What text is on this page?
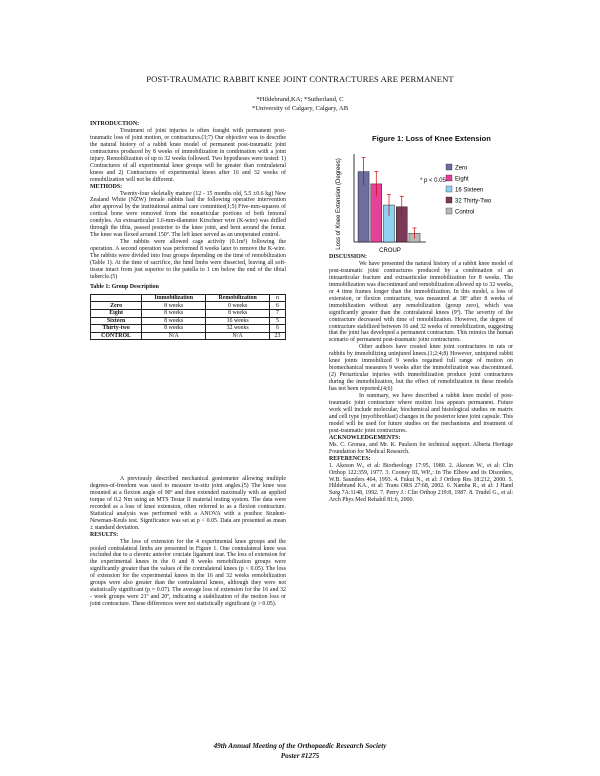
POST-TRAUMATIC RABBIT KNEE JOINT CONTRACTURES ARE PERMANENT
*Hildebrand,KA; *Sutherland, C
*University of Calgary, Calgary, AB

INTRODUCTION:

Treatment of joint injuries is often fraught with permanent post-traumatic loss of joint motion, or contractures.(3;7) Our objective was to describe the natural history of a rabbit knee model of permanent post-traumatic joint contractures produced by 8 weeks of immobilization in combination with a joint injury. Remobilization of up to 32 weeks followed. Two hypotheses were tested: 1) Contractures of all experimental knee groups will be greater than contralateral knees and 2) Contractures of experimental knees after 16 and 32 weeks of remobilization will not be different.

METHODS:

Twenty-four skeletally mature (12 - 15 months old, 5.5 ±0.6 kg) New Zealand White (NZW) female rabbits had the following operative intervention after approval by the institutional animal care committee(1;5) Five-mm-squares of cortical bone were removed from the nonarticular portions of both femoral condyles. An extraarticular 1.6-mm-diameter Kirschner wire (K-wire) was drilled through the tibia, passed posterior to the knee joint, and bent around the femur. The knee was flexed around 150º. The left knee served as an unoperated control.

The rabbits were allowed cage activity (0.1m³) following the operation. A second operation was performed 8 weeks later to remove the K-wire. The rabbits were divided into four groups depending on the time of remobilization (Table 1). At the time of sacrifice, the hind limbs were dissected, leaving all soft-tissue intact from just superior to the patella to 1 cm below the end of the tibial tubercle.(5)

Table 1: Group Description

	Immobilization	Remobilization	n
Zero	8 weeks	0 weeks	6
Eight	8 weeks	8 weeks	7
Sixteen	8 weeks	16 weeks	5
Thirty-two	8 weeks	32 weeks	6
CONTROL	N/A	N/A	23

A previously described mechanical goniometer allowing multiple degrees-of-freedom was used to measure in-situ joint angles.(5) The knee was mounted at a flexion angle of 90º and then extended maximally with an applied torque of 0.2 Nm using an MTS Testar II material testing system. The data were recorded as a loss of knee extension, often referred to as a flexion contracture. Statistical analysis was performed with a ANOVA with a posthoc Student-Newman-Keuls test. Significance was set at p < 0.05. Data are presented as mean ± standard deviation.

RESULTS:

The loss of extension for the 4 experimental knee groups and the pooled contralateral limbs are presented in Figure 1. One contralateral knee was excluded due to a chronic anterior cruciate ligament tear. The loss of extension for the experimental knees in the 0 and 8 weeks remobilization groups were significantly greater than the values of the contralateral knees (p < 0.05). The loss of extension for the experimental knees in the 16 and 32 weeks remobilization groups were also greater than the contralateral knees, although they were not statistically significant (p = 0.07). The average loss of extension for the 16 and 32 - week groups were 21º and 20º, indicating a stabilization of the motion loss or joint contracture. These differences were not statistically significant (p > 0.05).

Figure 1: Loss of Knee Extension
Loss of Knee Extension (Degrees)
CROUP
* p < 0.05
Zero
Eight
16 Sixteen
32 Thirty-Two
Control

DISCUSSION:

We have presented the natural history of a rabbit knee model of post-traumatic joint contractures produced by a combination of an intraarticular fracture and extraarticular immobilization for 8 weeks. The immobilization was discontinued and remobilization allowed up to 32 weeks, or 4 time frames longer than the immobilization. In this model, a loss of extension, or flexion contracture, was measured at 38º after 8 weeks of immobilization without any remobilization (group zero), which was significantly greater than the contralateral knees (9º). The severity of the contracture decreased with time of remobilization. However, the degree of contracture stabilized between 16 and 32 weeks of remobilization, suggesting that the joint has developed a permanent contracture. This mimics the human scenario of permanent post-traumatic joint contractures.

Other authors have created knee joint contractures in rats or rabbits by immobilizing uninjured knees.(1;2;4;8) However, uninjured rabbit knee joints immobilized 9 weeks regained full range of motion on biomechanical measures 9 weeks after the immobilization was discontinued.(2) Periarticular injuries with immobilization produce joint contractures during the immobilization, but the effect of remobilization in these models has not been reported.(4;6)

In summary, we have described a rabbit knee model of post-traumatic joint contracture where motion loss appears permanent. Future work will include molecular, biochemical and histological studies on matrix and cell type (myofibroblast) changes in the posterior knee joint capsule. This model will be used for future studies on the mechanisms and treatment of post-traumatic joint contractures.

ACKNOWLEDGEMENTS:

Ms. C. Gronau, and Mr. K. Paulson for technical support. Alberta Heritage Foundation for Medical Research.

REFERENCES:

1. Akeson W., et al: Biorheology 17:95, 1980. 2. Akeson W., et al: Clin Orthop 122:359, 1977. 3. Cooney III, WP.,: In The Elbow and its Disorders, W.B. Saunders 464, 1993. 4. Fukui N., et al: J Orthop Res 18:212, 2000. 5. Hildebrand KA., et al: Trans ORS 27:68, 2002. 6. Namba R., et al: J Hand Surg 7A:1148, 1992. 7. Perry J.: Clin Orthop 219:8, 1987. 8. Trudel G., et al: Arch Phys Med Rehabil 81:6, 2000.

49th Annual Meeting of the Orthopaedic Research Society
Poster #1275
